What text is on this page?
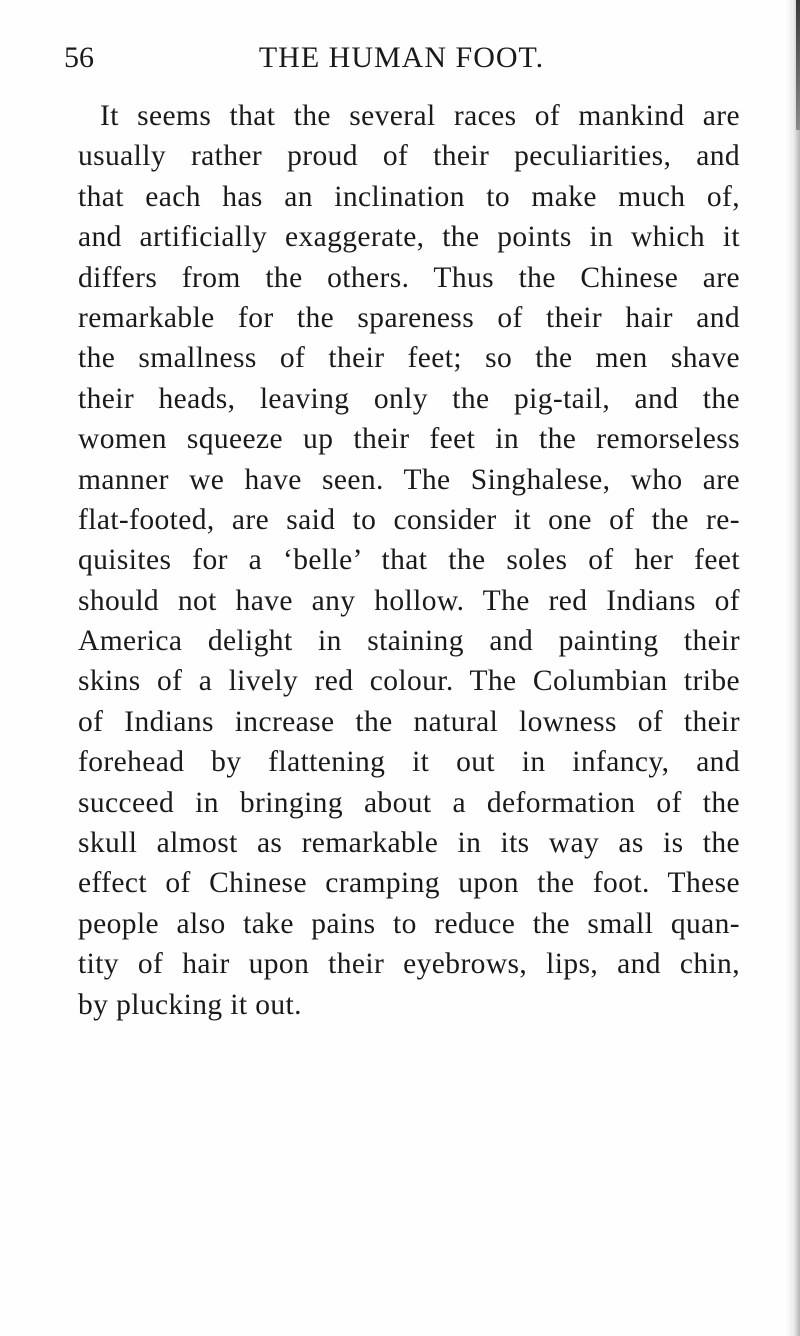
56	THE HUMAN FOOT.
It seems that the several races of mankind are
usually rather proud of their peculiarities, and
that each has an inclination to make much of,
and artificially exaggerate, the points in which it
differs from the others. Thus the Chinese are
remarkable for the spareness of their hair and
the smallness of their feet; so the men shave
their heads, leaving only the pig-tail, and the
women squeeze up their feet in the remorseless
manner we have seen. The Singhalese, who are
flat-footed, are said to consider it one of the re-
quisites for a ‘belle’ that the soles of her feet
should not have any hollow. The red Indians of
America delight in staining and painting their
skins of a lively red colour. The Columbian tribe
of Indians increase the natural lowness of their
forehead by flattening it out in infancy, and
succeed in bringing about a deformation of the
skull almost as remarkable in its way as is the
effect of Chinese cramping upon the foot. These
people also take pains to reduce the small quan-
tity of hair upon their eyebrows, lips, and chin,
by plucking it out.
